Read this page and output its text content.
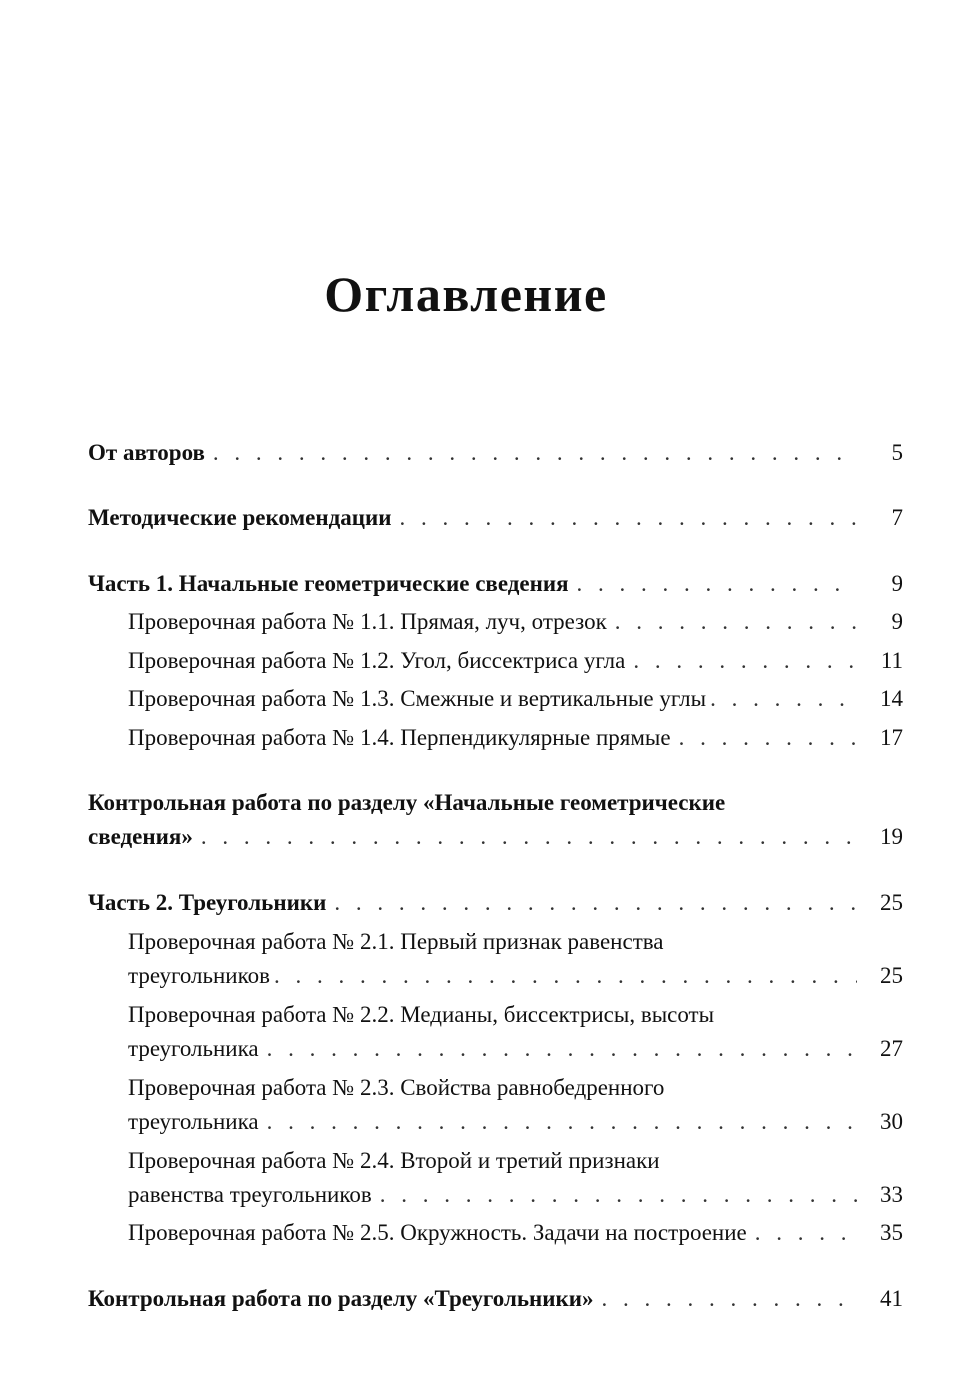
Оглавление
От авторов . . .	5
Методические рекомендации . . .	7
Часть 1. Начальные геометрические сведения . . .	9
Проверочная работа № 1.1. Прямая, луч, отрезок . . .	9
Проверочная работа № 1.2. Угол, биссектриса угла . . .	11
Проверочная работа № 1.3. Смежные и вертикальные углы . . .	14
Проверочная работа № 1.4. Перпендикулярные прямые . . .	17
Контрольная работа по разделу «Начальные геометрические
сведения» . . .	19
Часть 2. Треугольники . . .	25
Проверочная работа № 2.1. Первый признак равенства
треугольников . . .	25
Проверочная работа № 2.2. Медианы, биссектрисы, высоты
треугольника . . .	27
Проверочная работа № 2.3. Свойства равнобедренного
треугольника . . .	30
Проверочная работа № 2.4. Второй и третий признаки
равенства треугольников . . .	33
Проверочная работа № 2.5. Окружность. Задачи на построение . . .	35
Контрольная работа по разделу «Треугольники» . . .	41
